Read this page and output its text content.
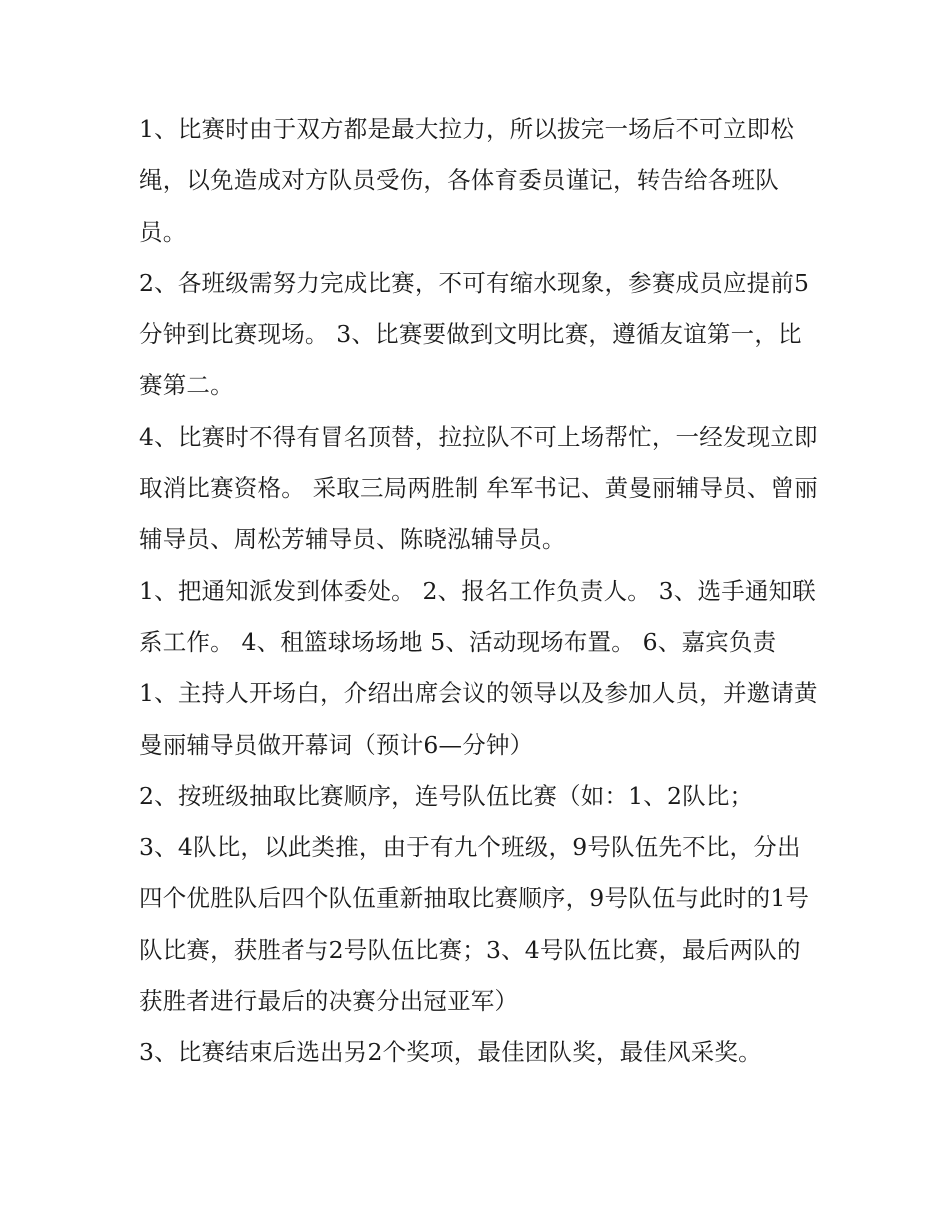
1、比赛时由于双方都是最大拉力，所以拔完一场后不可立即松绳，以免造成对方队员受伤，各体育委员谨记，转告给各班队员。

2、各班级需努力完成比赛，不可有缩水现象，参赛成员应提前5分钟到比赛现场。 3、比赛要做到文明比赛，遵循友谊第一，比赛第二。

4、比赛时不得有冒名顶替，拉拉队不可上场帮忙，一经发现立即取消比赛资格。 采取三局两胜制 牟军书记、黄曼丽辅导员、曾丽辅导员、周松芳辅导员、陈晓泓辅导员。

1、把通知派发到体委处。 2、报名工作负责人。 3、选手通知联系工作。 4、租篮球场场地 5、活动现场布置。 6、嘉宾负责

1、主持人开场白，介绍出席会议的领导以及参加人员，并邀请黄曼丽辅导员做开幕词（预计6—分钟）

2、按班级抽取比赛顺序，连号队伍比赛（如：1、2队比；

3、4队比，以此类推，由于有九个班级，9号队伍先不比，分出四个优胜队后四个队伍重新抽取比赛顺序，9号队伍与此时的1号队比赛，获胜者与2号队伍比赛；3、4号队伍比赛，最后两队的获胜者进行最后的决赛分出冠亚军）

3、比赛结束后选出另2个奖项，最佳团队奖，最佳风采奖。
